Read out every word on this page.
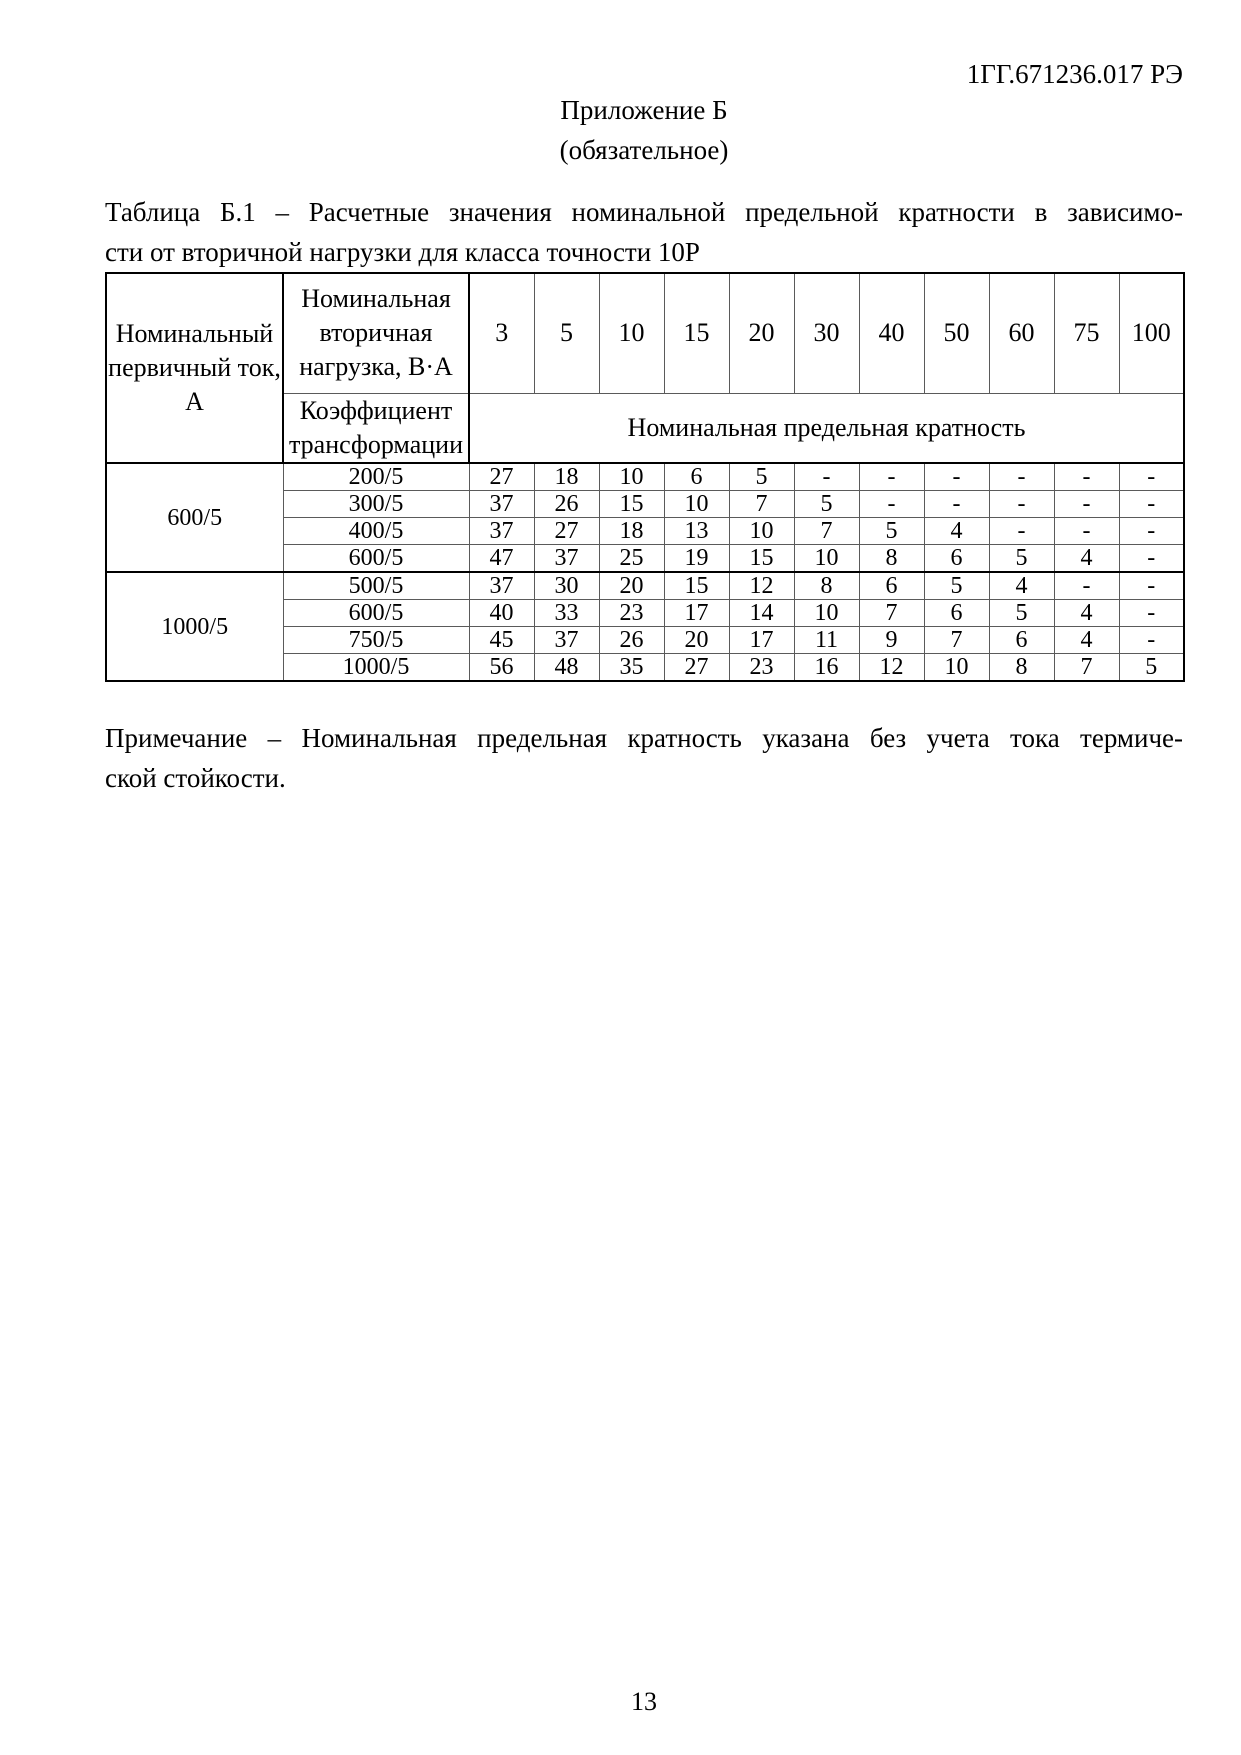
1ГГ.671236.017 РЭ
Приложение Б
(обязательное)
Таблица Б.1 – Расчетные значения номинальной предельной кратности в зависимо-
сти от вторичной нагрузки для класса точности 10Р
Номинальный первичный ток, А	Номинальная вторичная нагрузка, В·А	3	5	10	15	20	30	40	50	60	75	100
	Коэффициент трансформации	Номинальная предельная кратность										
600/5	200/5	27	18	10	6	5	-	-	-	-	-	-
	300/5	37	26	15	10	7	5	-	-	-	-	-
	400/5	37	27	18	13	10	7	5	4	-	-	-
	600/5	47	37	25	19	15	10	8	6	5	4	-
1000/5	500/5	37	30	20	15	12	8	6	5	4	-	-
	600/5	40	33	23	17	14	10	7	6	5	4	-
	750/5	45	37	26	20	17	11	9	7	6	4	-
	1000/5	56	48	35	27	23	16	12	10	8	7	5
Примечание – Номинальная предельная кратность указана без учета тока термиче-
ской стойкости.
13
